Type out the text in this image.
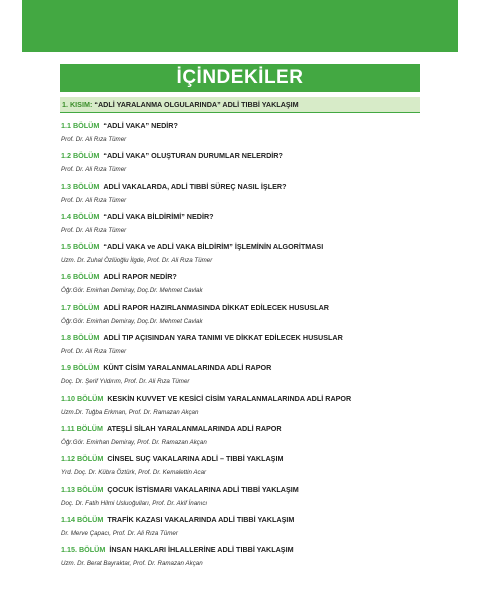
İÇİNDEKİLER
1. KISIM: “ADLİ YARALANMA OLGULARINDA” ADLİ TIBBİ YAKLAŞIM
1.1 BÖLÜM “ADLİ VAKA” NEDİR?
Prof. Dr. Ali Rıza Tümer
1.2 BÖLÜM “ADLİ VAKA” OLUŞTURAN DURUMLAR NELERDİR?
Prof. Dr. Ali Rıza Tümer
1.3 BÖLÜM ADLİ VAKALARDA, ADLİ TIBBİ SÜREÇ NASIL İŞLER?
Prof. Dr. Ali Rıza Tümer
1.4 BÖLÜM “ADLİ VAKA BİLDİRİMİ” NEDİR?
Prof. Dr. Ali Rıza Tümer
1.5 BÖLÜM “ADLİ VAKA ve ADLİ VAKA BİLDİRİM” İŞLEMİNİN ALGORİTMASI
Uzm. Dr. Zuhal Özlüoğlu İlgde, Prof. Dr. Ali Rıza Tümer
1.6 BÖLÜM ADLİ RAPOR NEDİR?
Öğr.Gör. Emirhan Demiray, Doç.Dr. Mehmet Cavlak
1.7 BÖLÜM ADLİ RAPOR HAZIRLANMASINDA DİKKAT EDİLECEK HUSUSLAR
Öğr.Gör. Emirhan Demiray, Doç.Dr. Mehmet Cavlak
1.8 BÖLÜM ADLİ TIP AÇISINDAN YARA TANIMI VE DİKKAT EDİLECEK HUSUSLAR
Prof. Dr. Ali Rıza Tümer
1.9 BÖLÜM KÜNT CİSİM YARALANMALARINDA ADLİ RAPOR
Doç. Dr. Şerif Yıldırım, Prof. Dr. Ali Rıza Tümer
1.10 BÖLÜM KESKİN KUVVET VE KESİCİ CİSİM YARALANMALARINDA ADLİ RAPOR
Uzm.Dr. Tuğba Erkman, Prof. Dr. Ramazan Akçan
1.11 BÖLÜM ATEŞLİ SİLAH YARALANMALARINDA ADLİ RAPOR
Öğr.Gör. Emirhan Demiray, Prof. Dr. Ramazan Akçan
1.12 BÖLÜM CİNSEL SUÇ VAKALARINA ADLİ – TIBBİ YAKLAŞIM
Yrd. Doç. Dr. Kübra Öztürk, Prof. Dr. Kemalettin Acar
1.13 BÖLÜM ÇOCUK İSTİSMARI VAKALARINA ADLİ TIBBİ YAKLAŞIM
Doç. Dr. Fatih Hilmi Usluoğulları, Prof. Dr. Akif İnanıcı
1.14 BÖLÜM TRAFİK KAZASI VAKALARINDA ADLİ TIBBİ YAKLAŞIM
Dr. Merve Çapacı, Prof. Dr. Ali Rıza Tümer
1.15. BÖLÜM İNSAN HAKLARI İHLALLERİNE ADLİ TIBBİ YAKLAŞIM
Uzm. Dr. Berat Bayraktar, Prof. Dr. Ramazan Akçan
